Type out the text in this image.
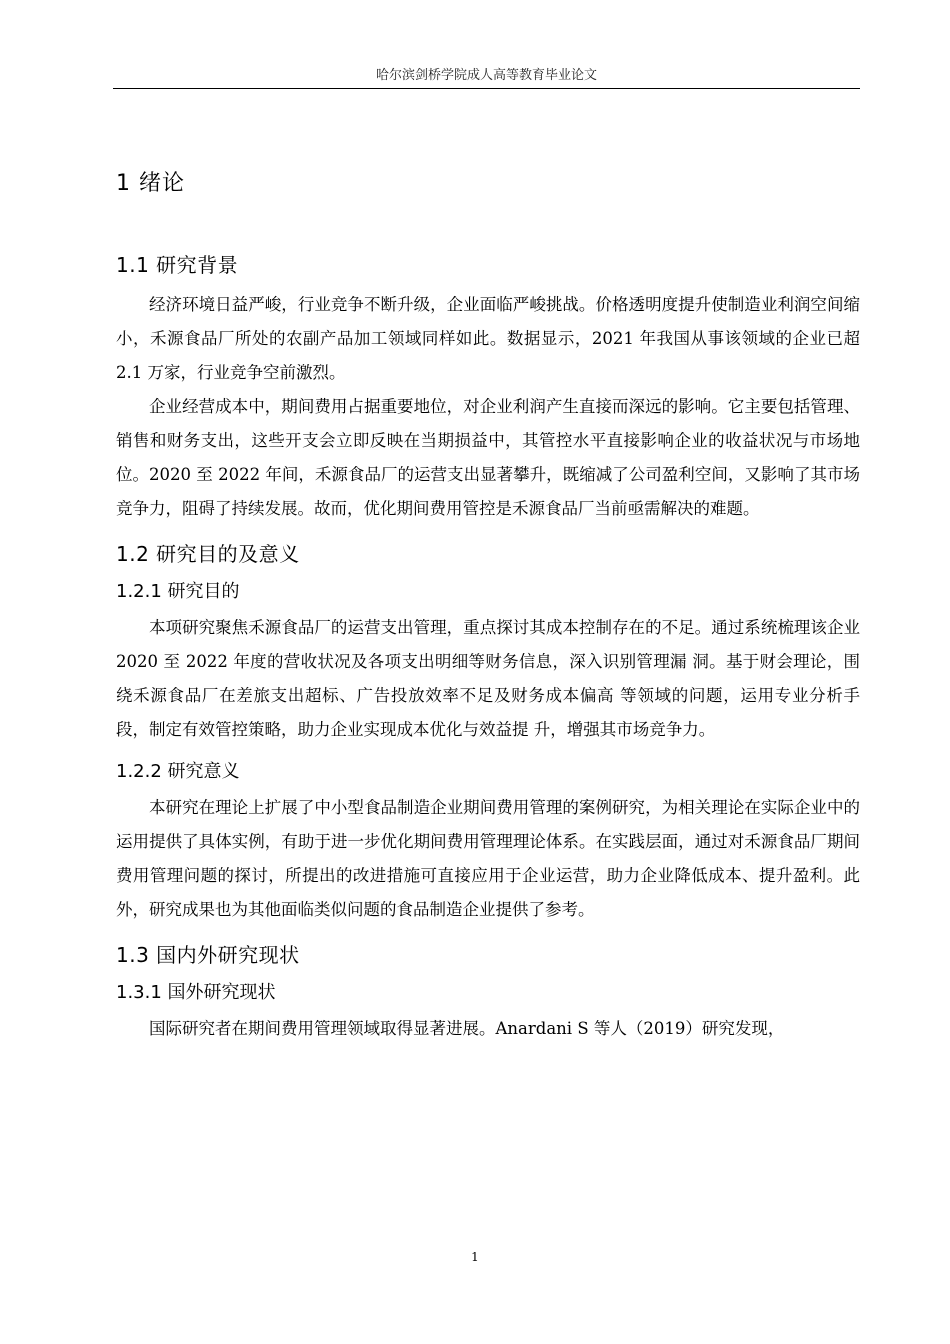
哈尔滨剑桥学院成人高等教育毕业论文
1 绪论
1.1 研究背景

经济环境日益严峻，行业竞争不断升级，企业面临严峻挑战。价格透明度提升使制造业利润空间缩小，禾源食品厂所处的农副产品加工领域同样如此。数据显示，2021 年我国从事该领域的企业已超 2.1 万家，行业竞争空前激烈。

企业经营成本中，期间费用占据重要地位，对企业利润产生直接而深远的影响。它主要包括管理、销售和财务支出，这些开支会立即反映在当期损益中，其管控水平直接影响企业的收益状况与市场地位。2020 至 2022 年间，禾源食品厂的运营支出显著攀升，既缩减了公司盈利空间，又影响了其市场竞争力，阻碍了持续发展。故而，优化期间费用管控是禾源食品厂当前亟需解决的难题。

1.2 研究目的及意义
1.2.1 研究目的

本项研究聚焦禾源食品厂的运营支出管理，重点探讨其成本控制存在的不足。通过系统梳理该企业 2020 至 2022 年度的营收状况及各项支出明细等财务信息，深入识别管理漏 洞。基于财会理论，围绕禾源食品厂在差旅支出超标、广告投放效率不足及财务成本偏高 等领域的问题，运用专业分析手段，制定有效管控策略，助力企业实现成本优化与效益提 升，增强其市场竞争力。

1.2.2 研究意义

本研究在理论上扩展了中小型食品制造企业期间费用管理的案例研究，为相关理论在实际企业中的运用提供了具体实例，有助于进一步优化期间费用管理理论体系。在实践层面，通过对禾源食品厂期间费用管理问题的探讨，所提出的改进措施可直接应用于企业运营，助力企业降低成本、提升盈利。此外，研究成果也为其他面临类似问题的食品制造企业提供了参考。

1.3 国内外研究现状
1.3.1 国外研究现状

国际研究者在期间费用管理领域取得显著进展。Anardani S 等人（2019）研究发现，

1
